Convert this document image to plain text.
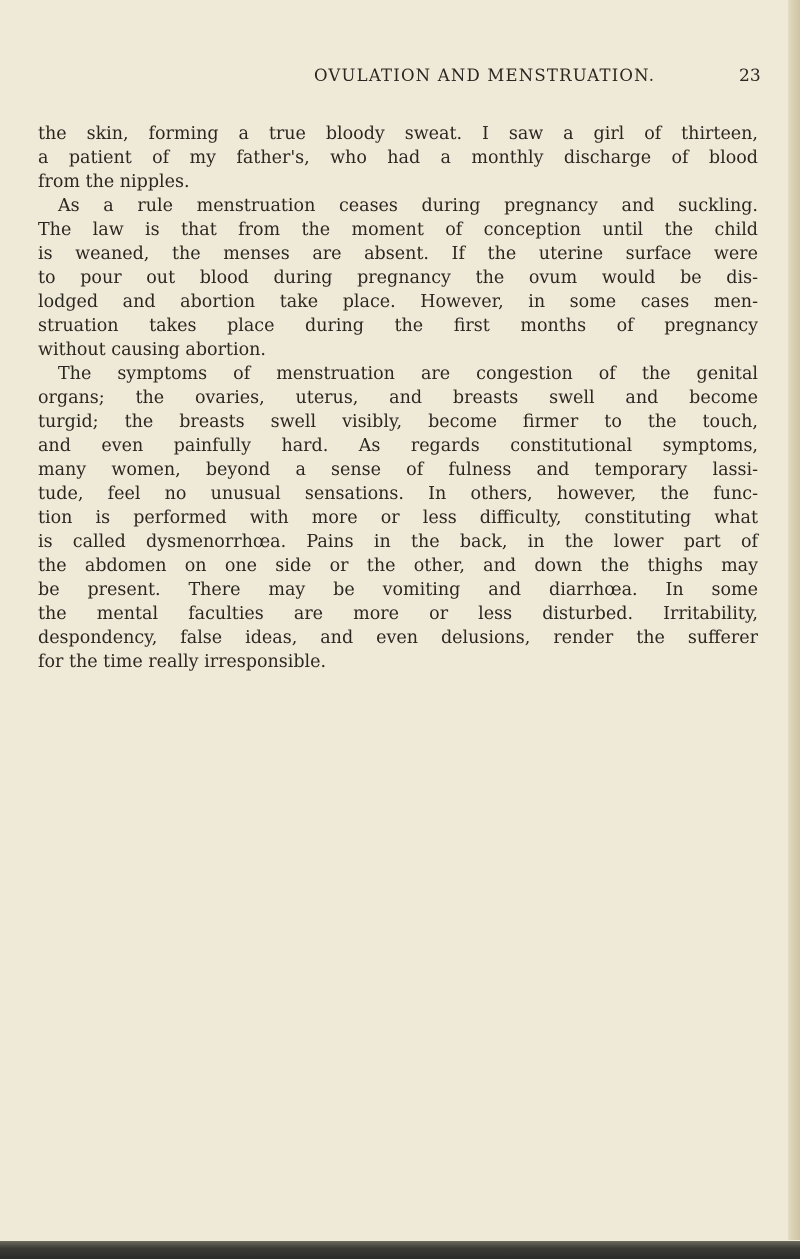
OVULATION AND MENSTRUATION.	23
the skin, forming a true bloody sweat. I saw a girl of thirteen,
a patient of my father's, who had a monthly discharge of blood
from the nipples.
As a rule menstruation ceases during pregnancy and suckling.
The law is that from the moment of conception until the child
is weaned, the menses are absent. If the uterine surface were
to pour out blood during pregnancy the ovum would be dis-
lodged and abortion take place. However, in some cases men-
struation takes place during the first months of pregnancy
without causing abortion.
The symptoms of menstruation are congestion of the genital
organs; the ovaries, uterus, and breasts swell and become
turgid; the breasts swell visibly, become firmer to the touch,
and even painfully hard. As regards constitutional symptoms,
many women, beyond a sense of fulness and temporary lassi-
tude, feel no unusual sensations. In others, however, the func-
tion is performed with more or less difficulty, constituting what
is called dysmenorrhœa. Pains in the back, in the lower part of
the abdomen on one side or the other, and down the thighs may
be present. There may be vomiting and diarrhœa. In some
the mental faculties are more or less disturbed. Irritability,
despondency, false ideas, and even delusions, render the sufferer
for the time really irresponsible.
